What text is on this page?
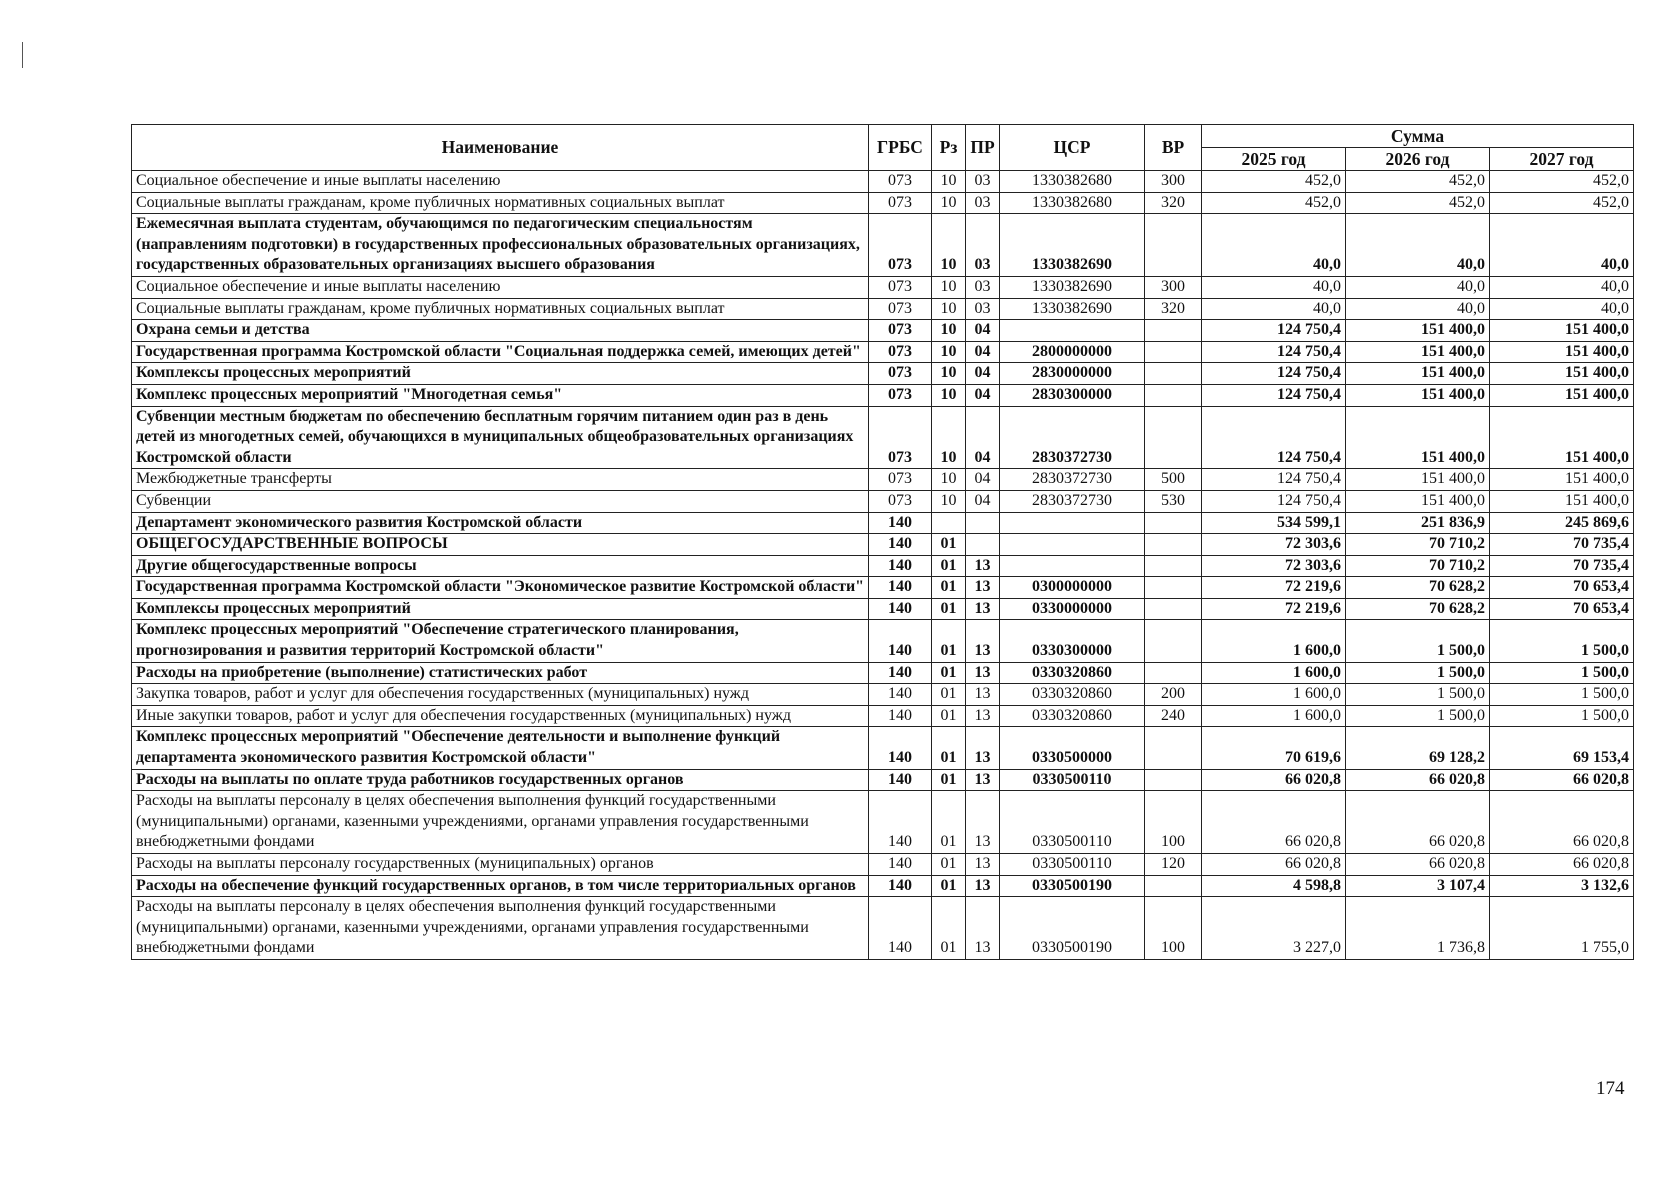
Наименование	ГРБС	Рз	ПР	ЦСР	ВР	Сумма		
						2025 год	2026 год	2027 год
Социальное обеспечение и иные выплаты населению	073	10	03	1330382680	300	452,0	452,0	452,0
Социальные выплаты гражданам, кроме публичных нормативных социальных выплат	073	10	03	1330382680	320	452,0	452,0	452,0
Ежемесячная выплата студентам, обучающимся по педагогическим специальностям (направлениям подготовки) в государственных профессиональных образовательных организациях, государственных образовательных организациях высшего образования	073	10	03	1330382690		40,0	40,0	40,0
Социальное обеспечение и иные выплаты населению	073	10	03	1330382690	300	40,0	40,0	40,0
Социальные выплаты гражданам, кроме публичных нормативных социальных выплат	073	10	03	1330382690	320	40,0	40,0	40,0
Охрана семьи и детства	073	10	04			124 750,4	151 400,0	151 400,0
Государственная программа Костромской области "Социальная поддержка семей, имеющих детей"	073	10	04	2800000000		124 750,4	151 400,0	151 400,0
Комплексы процессных мероприятий	073	10	04	2830000000		124 750,4	151 400,0	151 400,0
Комплекс процессных мероприятий "Многодетная семья"	073	10	04	2830300000		124 750,4	151 400,0	151 400,0
Субвенции местным бюджетам по обеспечению бесплатным горячим питанием один раз в день детей из многодетных семей, обучающихся в муниципальных общеобразовательных организациях Костромской области	073	10	04	2830372730		124 750,4	151 400,0	151 400,0
Межбюджетные трансферты	073	10	04	2830372730	500	124 750,4	151 400,0	151 400,0
Субвенции	073	10	04	2830372730	530	124 750,4	151 400,0	151 400,0
Департамент экономического развития Костромской области	140					534 599,1	251 836,9	245 869,6
ОБЩЕГОСУДАРСТВЕННЫЕ ВОПРОСЫ	140	01				72 303,6	70 710,2	70 735,4
Другие общегосударственные вопросы	140	01	13			72 303,6	70 710,2	70 735,4
Государственная программа Костромской области "Экономическое развитие Костромской области"	140	01	13	0300000000		72 219,6	70 628,2	70 653,4
Комплексы процессных мероприятий	140	01	13	0330000000		72 219,6	70 628,2	70 653,4
Комплекс процессных мероприятий "Обеспечение стратегического планирования, прогнозирования и развития территорий Костромской области"	140	01	13	0330300000		1 600,0	1 500,0	1 500,0
Расходы на приобретение (выполнение) статистических работ	140	01	13	0330320860		1 600,0	1 500,0	1 500,0
Закупка товаров, работ и услуг для обеспечения государственных (муниципальных) нужд	140	01	13	0330320860	200	1 600,0	1 500,0	1 500,0
Иные закупки товаров, работ и услуг для обеспечения государственных (муниципальных) нужд	140	01	13	0330320860	240	1 600,0	1 500,0	1 500,0
Комплекс процессных мероприятий "Обеспечение деятельности и выполнение функций департамента экономического развития Костромской области"	140	01	13	0330500000		70 619,6	69 128,2	69 153,4
Расходы на выплаты по оплате труда работников государственных органов	140	01	13	0330500110		66 020,8	66 020,8	66 020,8
Расходы на выплаты персоналу в целях обеспечения выполнения функций государственными (муниципальными) органами, казенными учреждениями, органами управления государственными внебюджетными фондами	140	01	13	0330500110	100	66 020,8	66 020,8	66 020,8
Расходы на выплаты персоналу государственных (муниципальных) органов	140	01	13	0330500110	120	66 020,8	66 020,8	66 020,8
Расходы на обеспечение функций государственных органов, в том числе территориальных органов	140	01	13	0330500190		4 598,8	3 107,4	3 132,6
Расходы на выплаты персоналу в целях обеспечения выполнения функций государственными (муниципальными) органами, казенными учреждениями, органами управления государственными внебюджетными фондами	140	01	13	0330500190	100	3 227,0	1 736,8	1 755,0
174
